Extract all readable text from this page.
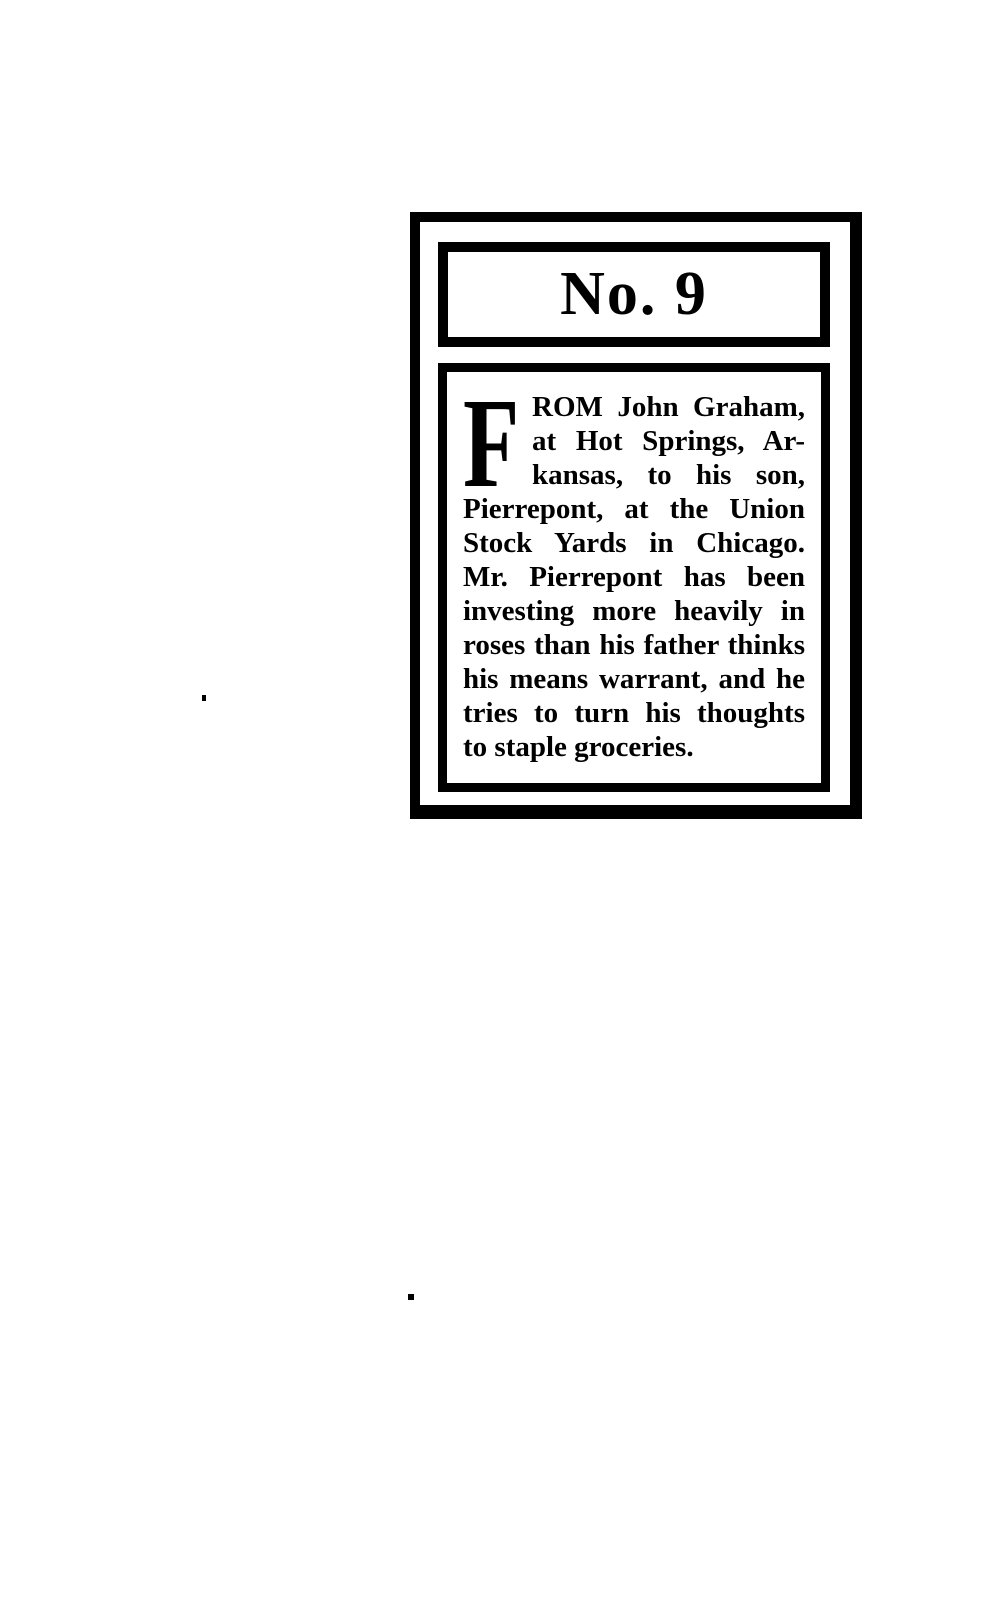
No. 9
F ROM John Graham,
at Hot Springs, Ar-
kansas, to his son,
Pierrepont, at the Union
Stock Yards in Chicago.
Mr. Pierrepont has been
investing more heavily in
roses than his father thinks
his means warrant, and he
tries to turn his thoughts
to staple groceries.
